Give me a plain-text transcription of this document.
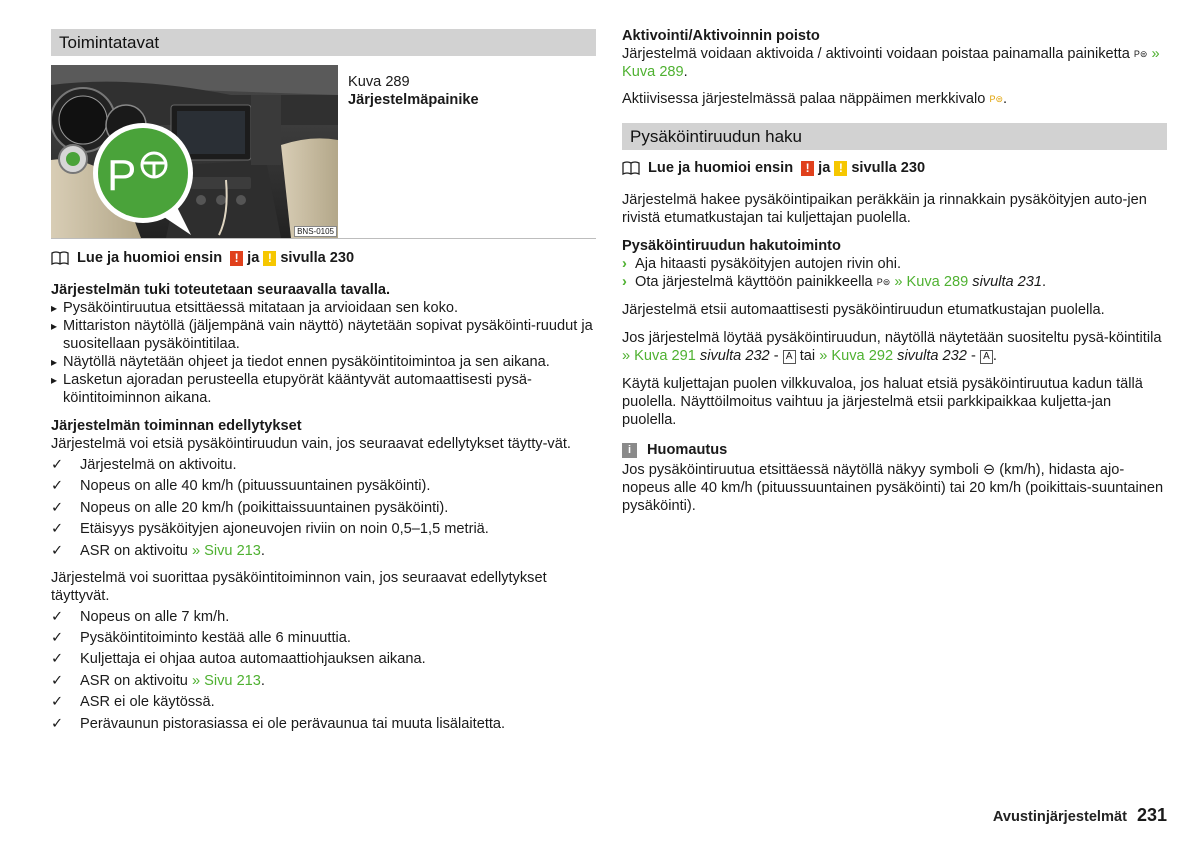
Toimintatavat
P
BNS-0105
Kuva 289
Järjestelmäpainike
Lue ja huomioi ensin	! ja ! sivulla 230
Järjestelmän tuki toteutetaan seuraavalla tavalla.
▸ Pysäköintiruutua etsittäessä mitataan ja arvioidaan sen koko.
▸ Mittariston näytöllä (jäljempänä vain näyttö) näytetään sopivat pysäköinti-ruudut ja suositellaan pysäköintitilaa.
▸ Näytöllä näytetään ohjeet ja tiedot ennen pysäköintitoimintoa ja sen aikana.
▸ Lasketun ajoradan perusteella etupyörät kääntyvät automaattisesti pysä-köintitoiminnon aikana.
Järjestelmän toiminnan edellytykset
Järjestelmä voi etsiä pysäköintiruudun vain, jos seuraavat edellytykset täytty-vät.
✓ Järjestelmä on aktivoitu.
✓ Nopeus on alle 40 km/h (pituussuuntainen pysäköinti).
✓ Nopeus on alle 20 km/h (poikittaissuuntainen pysäköinti).
✓ Etäisyys pysäköityjen ajoneuvojen riviin on noin 0,5–1,5 metriä.
✓ ASR on aktivoitu » Sivu 213.
Järjestelmä voi suorittaa pysäköintitoiminnon vain, jos seuraavat edellytykset täyttyvät.
✓ Nopeus on alle 7 km/h.
✓ Pysäköintitoiminto kestää alle 6 minuuttia.
✓ Kuljettaja ei ohjaa autoa automaattiohjauksen aikana.
✓ ASR on aktivoitu » Sivu 213.
✓ ASR ei ole käytössä.
✓ Perävaunun pistorasiassa ei ole perävaunua tai muuta lisälaitetta.
Aktivointi/Aktivoinnin poisto
Järjestelmä voidaan aktivoida / aktivointi voidaan poistaa painamalla painiketta P⊜ » Kuva 289.
Aktiivisessa järjestelmässä palaa näppäimen merkkivalo P⊜.
Pysäköintiruudun haku
Lue ja huomioi ensin	! ja ! sivulla 230
Järjestelmä hakee pysäköintipaikan peräkkäin ja rinnakkain pysäköityjen auto-jen rivistä etumatkustajan tai kuljettajan puolella.
Pysäköintiruudun hakutoiminto
› Aja hitaasti pysäköityjen autojen rivin ohi.
› Ota järjestelmä käyttöön painikkeella P⊜ » Kuva 289 sivulta 231.
Järjestelmä etsii automaattisesti pysäköintiruudun etumatkustajan puolella.
Jos järjestelmä löytää pysäköintiruudun, näytöllä näytetään suositeltu pysä-köintitila » Kuva 291 sivulta 232 - A tai » Kuva 292 sivulta 232 - A .
Käytä kuljettajan puolen vilkkuvaloa, jos haluat etsiä pysäköintiruutua kadun tällä puolella. Näyttöilmoitus vaihtuu ja järjestelmä etsii parkkipaikkaa kuljetta-jan puolella.
i	Huomautus
Jos pysäköintiruutua etsittäessä näytöllä näkyy symboli ⊖ (km/h), hidasta ajo-nopeus alle 40 km/h (pituussuuntainen pysäköinti) tai 20 km/h (poikittais-suuntainen pysäköinti).
Avustinjärjestelmät 231
